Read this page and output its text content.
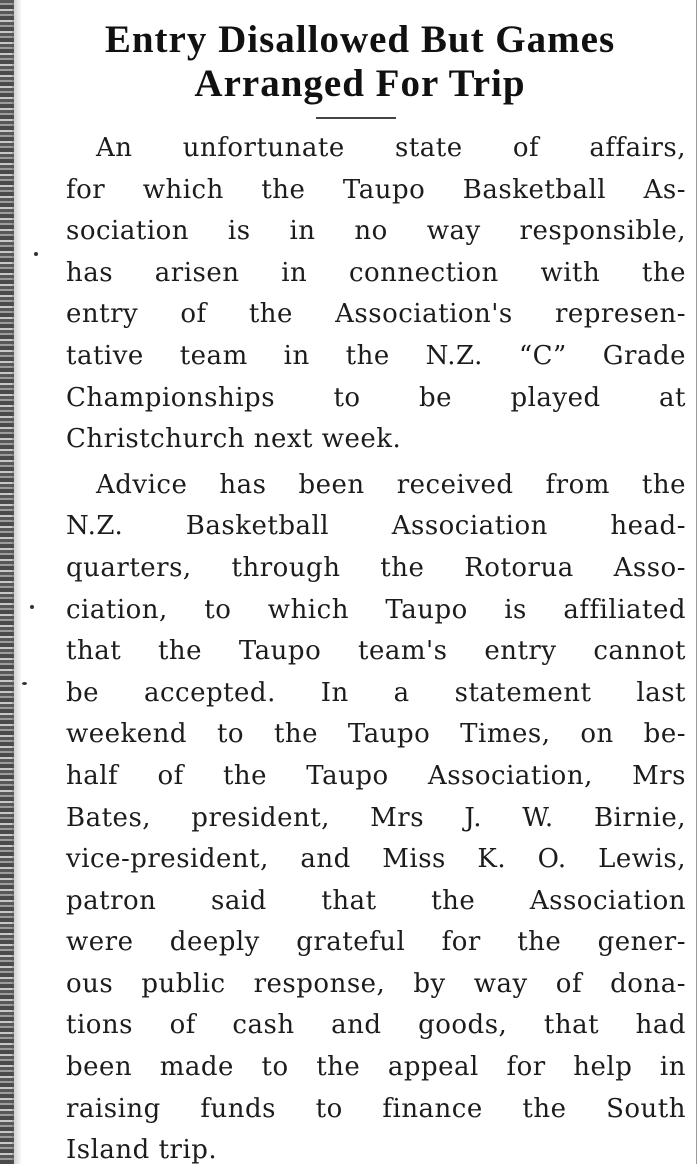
Entry Disallowed But Games
Arranged For Trip

An unfortunate state of affairs,

for which the Taupo Basketball As-

sociation is in no way responsible,

has arisen in connection with the

entry of the Association's represen-

tative team in the N.Z. “C” Grade

Championships to be played at

Christchurch next week.

Advice has been received from the

N.Z. Basketball Association head-

quarters, through the Rotorua Asso-

ciation, to which Taupo is affiliated

that the Taupo team's entry cannot

be accepted. In a statement last

weekend to the Taupo Times, on be-

half of the Taupo Association, Mrs

Bates, president, Mrs J. W. Birnie,

vice-president, and Miss K. O. Lewis,

patron said that the Association

were deeply grateful for the gener-

ous public response, by way of dona-

tions of cash and goods, that had

been made to the appeal for help in

raising funds to finance the South

Island trip.
